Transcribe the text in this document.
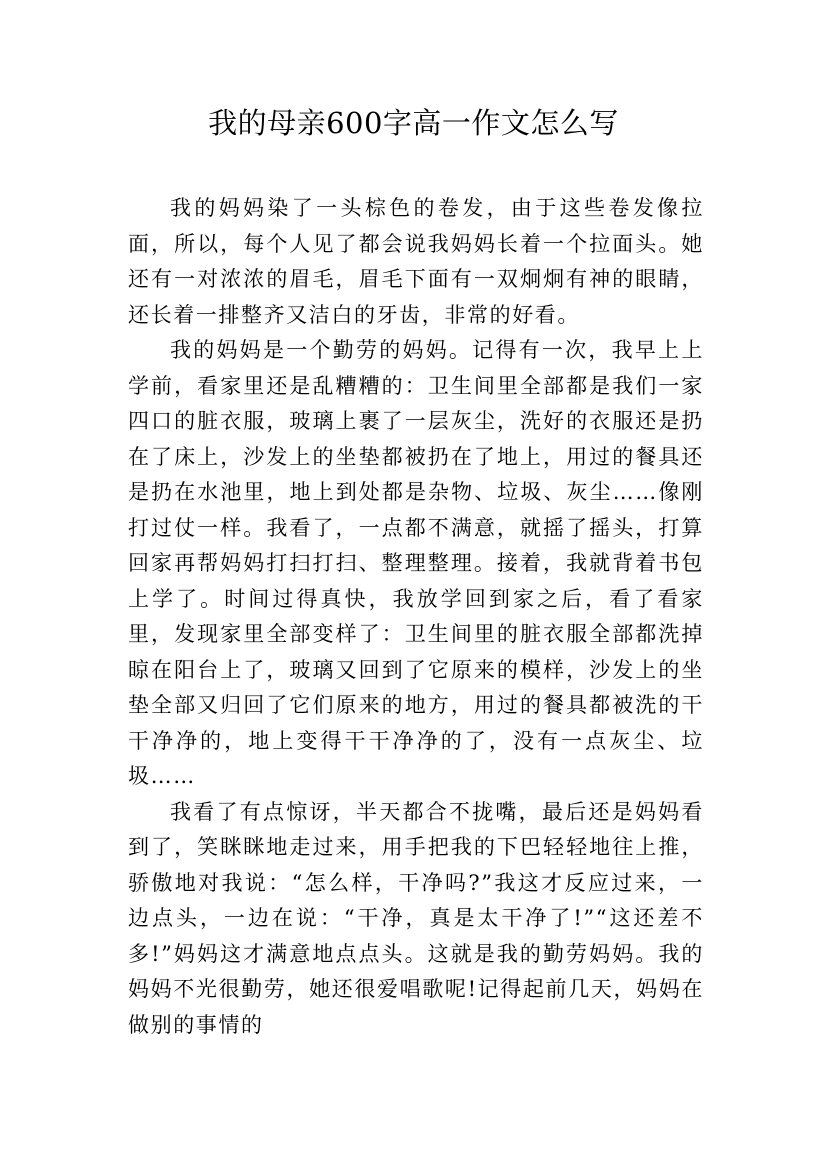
我的母亲600字高一作文怎么写

我的妈妈染了一头棕色的卷发，由于这些卷发像拉面，所以，每个人见了都会说我妈妈长着一个拉面头。她还有一对浓浓的眉毛，眉毛下面有一双炯炯有神的眼睛，还长着一排整齐又洁白的牙齿，非常的好看。

我的妈妈是一个勤劳的妈妈。记得有一次，我早上上学前，看家里还是乱糟糟的：卫生间里全部都是我们一家四口的脏衣服，玻璃上裹了一层灰尘，洗好的衣服还是扔在了床上，沙发上的坐垫都被扔在了地上，用过的餐具还是扔在水池里，地上到处都是杂物、垃圾、灰尘……像刚打过仗一样。我看了，一点都不满意，就摇了摇头，打算回家再帮妈妈打扫打扫、整理整理。接着，我就背着书包上学了。时间过得真快，我放学回到家之后，看了看家里，发现家里全部变样了：卫生间里的脏衣服全部都洗掉晾在阳台上了，玻璃又回到了它原来的模样，沙发上的坐垫全部又归回了它们原来的地方，用过的餐具都被洗的干干净净的，地上变得干干净净的了，没有一点灰尘、垃圾……

我看了有点惊讶，半天都合不拢嘴，最后还是妈妈看到了，笑眯眯地走过来，用手把我的下巴轻轻地往上推，骄傲地对我说：“怎么样，干净吗?”我这才反应过来，一边点头，一边在说：“干净，真是太干净了!”“这还差不多!”妈妈这才满意地点点头。这就是我的勤劳妈妈。我的妈妈不光很勤劳，她还很爱唱歌呢!记得起前几天，妈妈在做别的事情的
